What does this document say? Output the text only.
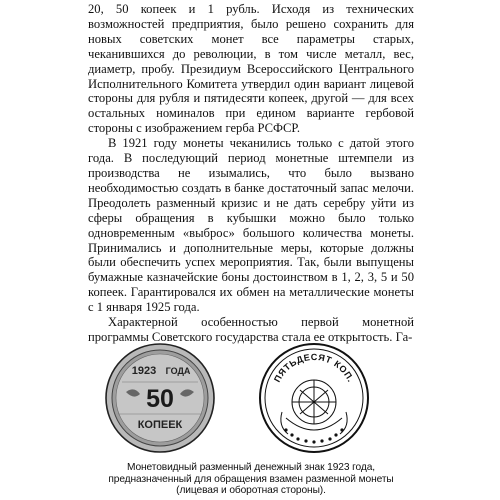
20, 50 копеек и 1 рубль. Исходя из технических возможностей предприятия, было решено сохранить для новых советских монет все параметры старых, чеканившихся до революции, в том числе металл, вес, диаметр, пробу. Президиум Всероссийского Центрального Исполнительного Комитета утвердил один вариант лицевой стороны для рубля и пятидесяти копеек, другой — для всех остальных номиналов при едином варианте гербовой стороны с изображением герба РСФСР.

В 1921 году монеты чеканились только с датой этого года. В последующий период монетные штемпели из производства не изымались, что было вызвано необходимостью создать в банке достаточный запас мелочи. Преодолеть разменный кризис и не дать серебру уйти из сферы обращения в кубышки можно было только одновременным «выброс» большого количества монеты. Принимались и дополнительные меры, которые должны были обеспечить успех мероприятия. Так, были выпущены бумажные казначейские боны достоинством в 1, 2, 3, 5 и 50 копеек. Гарантировался их обмен на металлические монеты с 1 января 1925 года.

Характерной особенностью первой монетной программы Советского государства стала ее открытость. Га-

1923 ГОДА
50
КОПЕЕК
ПЯТЬДЕСЯТ КОП.
Монетовидный разменный денежный знак 1923 года,
предназначенный для обращения взамен разменной монеты
(лицевая и оборотная стороны).
